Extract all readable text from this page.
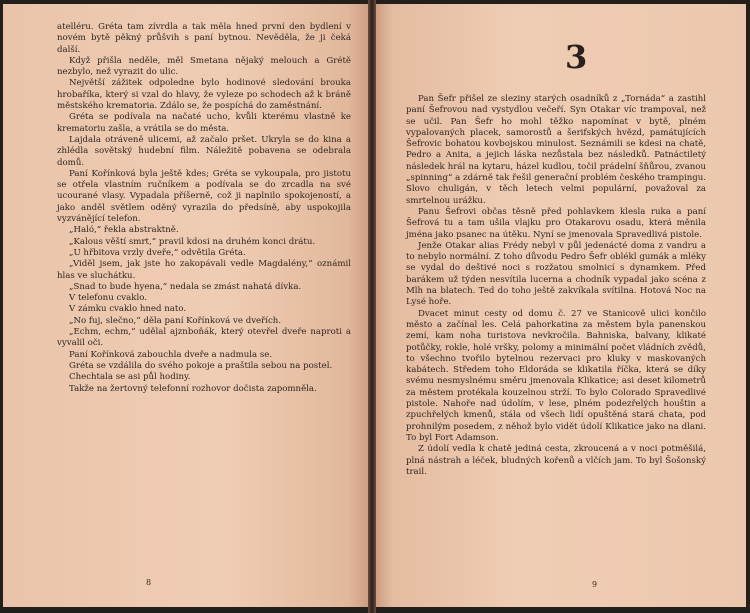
atelléru. Gréta tam zívrdla a tak měla hned první den bydlení v novém bytě pěkný průšvih s paní bytnou. Nevěděla, že ji čeká další.

Když přišla neděle, měl Smetana nějaký melouch a Grétě nezbylo, než vyrazit do ulic.

Největší zážitek odpoledne bylo hodinové sledování brouka hrobaříka, který si vzal do hlavy, že vyleze po schodech až k bráně městského krematoria. Zdálo se, že pospíchá do zaměstnání.

Gréta se podívala na načaté ucho, kvůli kterému vlastně ke krematoriu zašla, a vrátila se do města.

Lajdala otráveně ulicemi, až začalo pršet. Ukryla se do kina a zhlédla sovětský hudební film. Náležitě pobavena se odebrala domů.

Paní Kořínková byla ještě kdes; Gréta se vykoupala, pro jistotu se otřela vlastním ručníkem a podívala se do zrcadla na své ucourané vlasy. Vypadala příšerně, což ji naplnilo spokojeností, a jako anděl světlem oděný vyrazila do předsíně, aby uspokojila vyzvánějící telefon.

„Haló,“ řekla abstraktně.

„Kalous věští smrt,“ pravil kdosi na druhém konci drátu.

„U hřbitova vrzly dveře,“ odvětila Gréta.

„Viděl jsem, jak jste ho zakopávali vedle Magdalény,“ oznámil hlas ve sluchátku.

„Snad to bude hyena,“ nedala se zmást nahatá dívka.

V telefonu cvaklo.

V zámku cvaklo hned nato.

„No fuj, slečno,“ děla paní Kořínková ve dveřích.

„Echm, echm,“ udělal ajznboňák, který otevřel dveře naproti a vyvalil oči.

Paní Kořínková zabouchla dveře a nadmula se.

Gréta se vzdálila do svého pokoje a praštila sebou na postel.

Chechtala se asi půl hodiny.

Takže na žertovný telefonní rozhovor dočista zapomněla.

Pan Šefr přišel ze sleziny starých osadníků z „Tornáda“ a zastihl paní Šefrovou nad vystydlou večeří. Syn Otakar víc trampoval, než se učil. Pan Šefr ho mohl těžko napomínat v bytě, plném vypalovaných placek, samorostů a šerifských hvězd, památujících Šefrovic bohatou kovbojskou minulost. Seznámili se kdesi na chatě, Pedro a Anita, a jejich láska nezůstala bez následků. Patnáctiletý následek hrál na kytaru, házel kudlou, točil prádelní šňůrou, zvanou „spinning“ a zdárně tak řešil generační problém českého trampingu. Slovo chuligán, v těch letech velmi populární, považoval za smrtelnou urážku.

Panu Šefrovi občas těsně před pohlavkem klesla ruka a paní Šefrová tu a tam ušila vlajku pro Otakarovu osadu, která měnila jména jako psanec na útěku. Nyní se jmenovala Spravedlivá pistole.

Jenže Otakar alias Frédy nebyl v půl jedenácté doma z vandru a to nebylo normální. Z toho důvodu Pedro Šefr oblékl gumák a mléky se vydal do deštivé noci s rozžatou smolnicí s dynamkem. Před barákem už týden nesvítila lucerna a chodník vypadal jako scéna z Mlh na blatech. Ted do toho ještě zakvíkala svítilna. Hotová Noc na Lysé hoře.

Dvacet minut cesty od domu č. 27 ve Stanicově ulici končilo město a začínal les. Celá pahorkatina za městem byla panenskou zemí, kam noha turistova nevkročila. Bahniska, balvany, klikaté potůčky, rokle, holé vršky, polomy a minimální počet vládních zvědů, to všechno tvořilo bytelnou rezervaci pro kluky v maskovaných kabátech. Středem toho Eldoráda se klikatila říčka, která se díky svému nesmyslnému směru jmenovala Klikatice; asi deset kilometrů za městem protékala kouzelnou strží. To bylo Colorado Spravedlivé pistole. Nahoře nad údolím, v lese, plném podezřelých houštin a zpuchřelých kmenů, stála od všech lidí opuštěná stará chata, pod prohnilým posedem, z něhož bylo vidět údolí Klikatice jako na dlani. To byl Fort Adamson.

Z údolí vedla k chatě jediná cesta, zkroucená a v noci potměšilá, plná nástrah a léček, bludných kořenů a vlčích jam. To byl Šošonský trail.

3
8	9
